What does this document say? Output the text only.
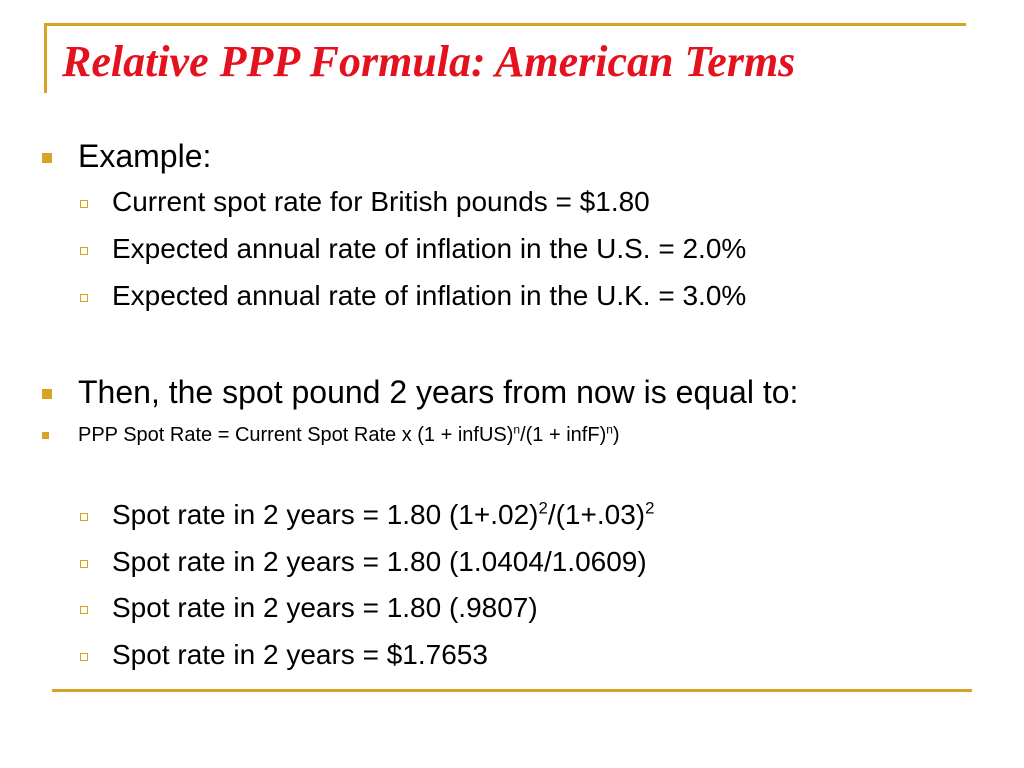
Relative PPP Formula: American Terms
Example:
Current spot rate for British pounds = $1.80
Expected annual rate of inflation in the U.S. = 2.0%
Expected annual rate of inflation in the U.K. = 3.0%
Then, the spot pound 2 years from now is equal to:
PPP Spot Rate = Current Spot Rate x (1 + infUS)$^n$/(1 + infF)$^n$)
Spot rate in 2 years = 1.80 $(1+.02)^2/(1+.03)^2$
Spot rate in 2 years = 1.80 (1.0404/1.0609)
Spot rate in 2 years = 1.80 (.9807)
Spot rate in 2 years = $1.7653
